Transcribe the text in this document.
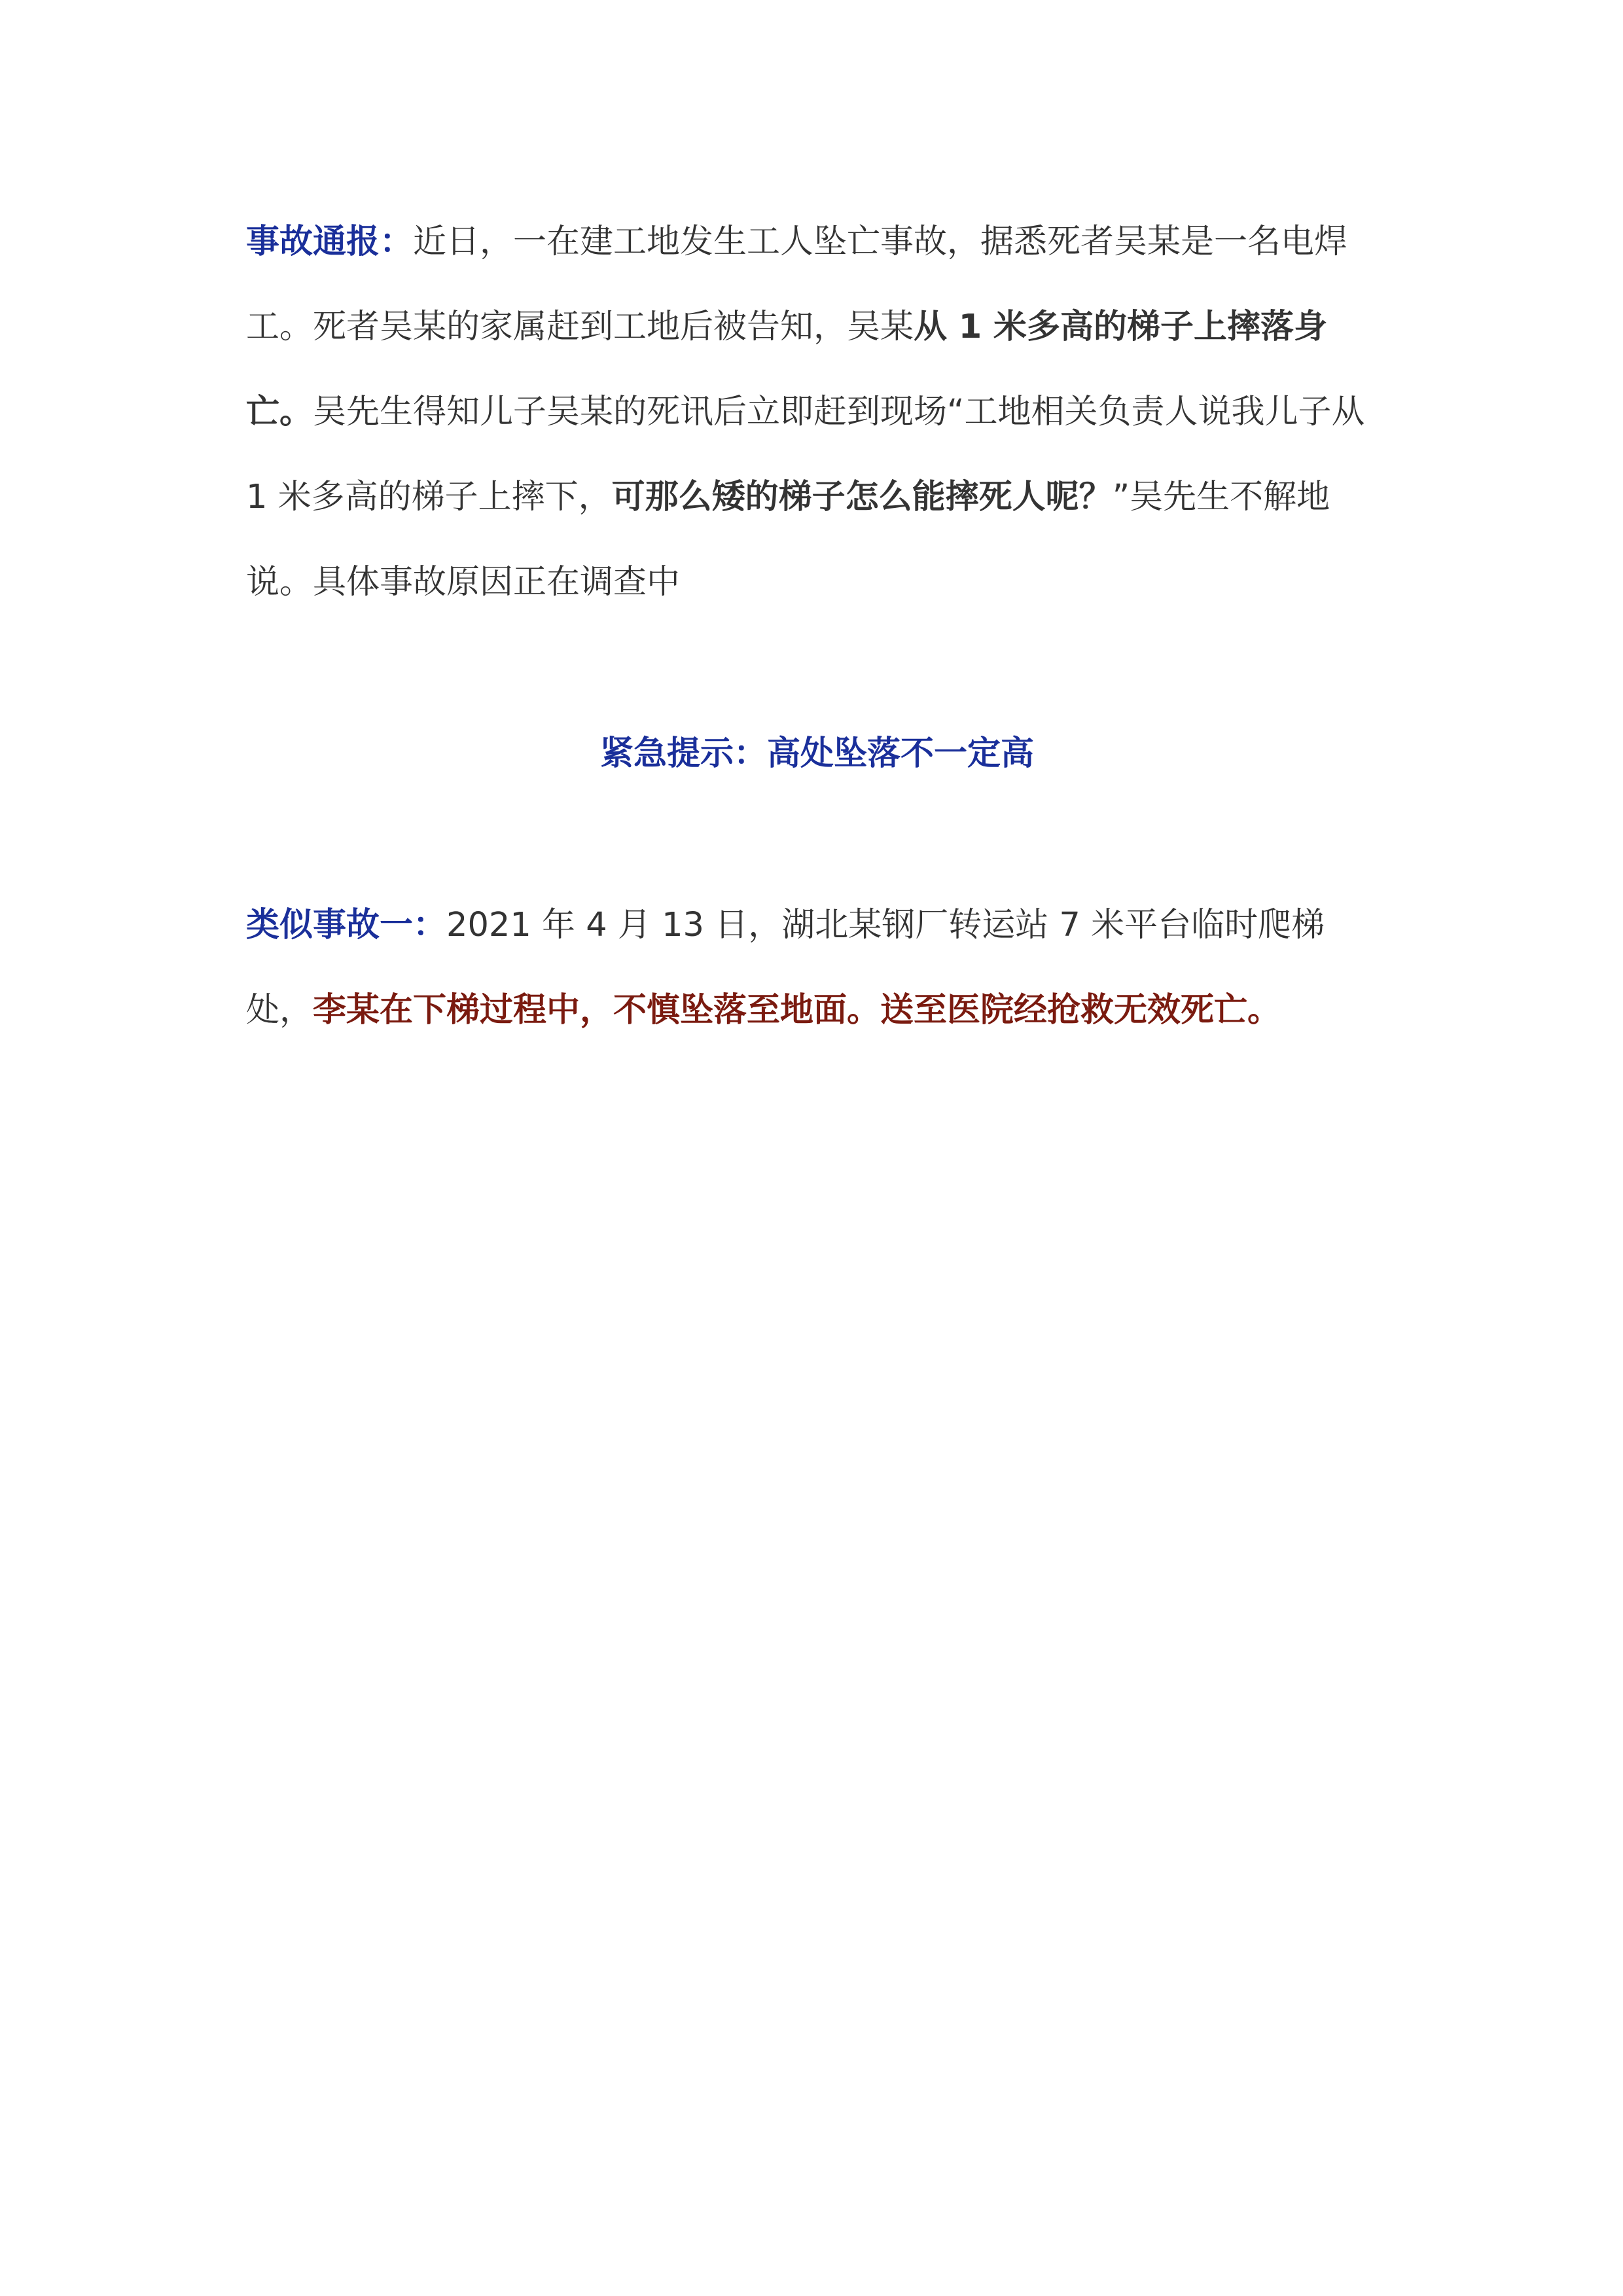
事故通报：近日，一在建工地发生工人坠亡事故，据悉死者吴某是一名电焊工。死者吴某的家属赶到工地后被告知，吴某从 1 米多高的梯子上摔落身亡。吴先生得知儿子吴某的死讯后立即赶到现场“工地相关负责人说我儿子从 1 米多高的梯子上摔下，可那么矮的梯子怎么能摔死人呢？”吴先生不解地说。具体事故原因正在调查中

紧急提示：高处坠落不一定高

类似事故一：2021 年 4 月 13 日，湖北某钢厂转运站 7 米平台临时爬梯处，李某在下梯过程中，不慎坠落至地面。送至医院经抢救无效死亡。
